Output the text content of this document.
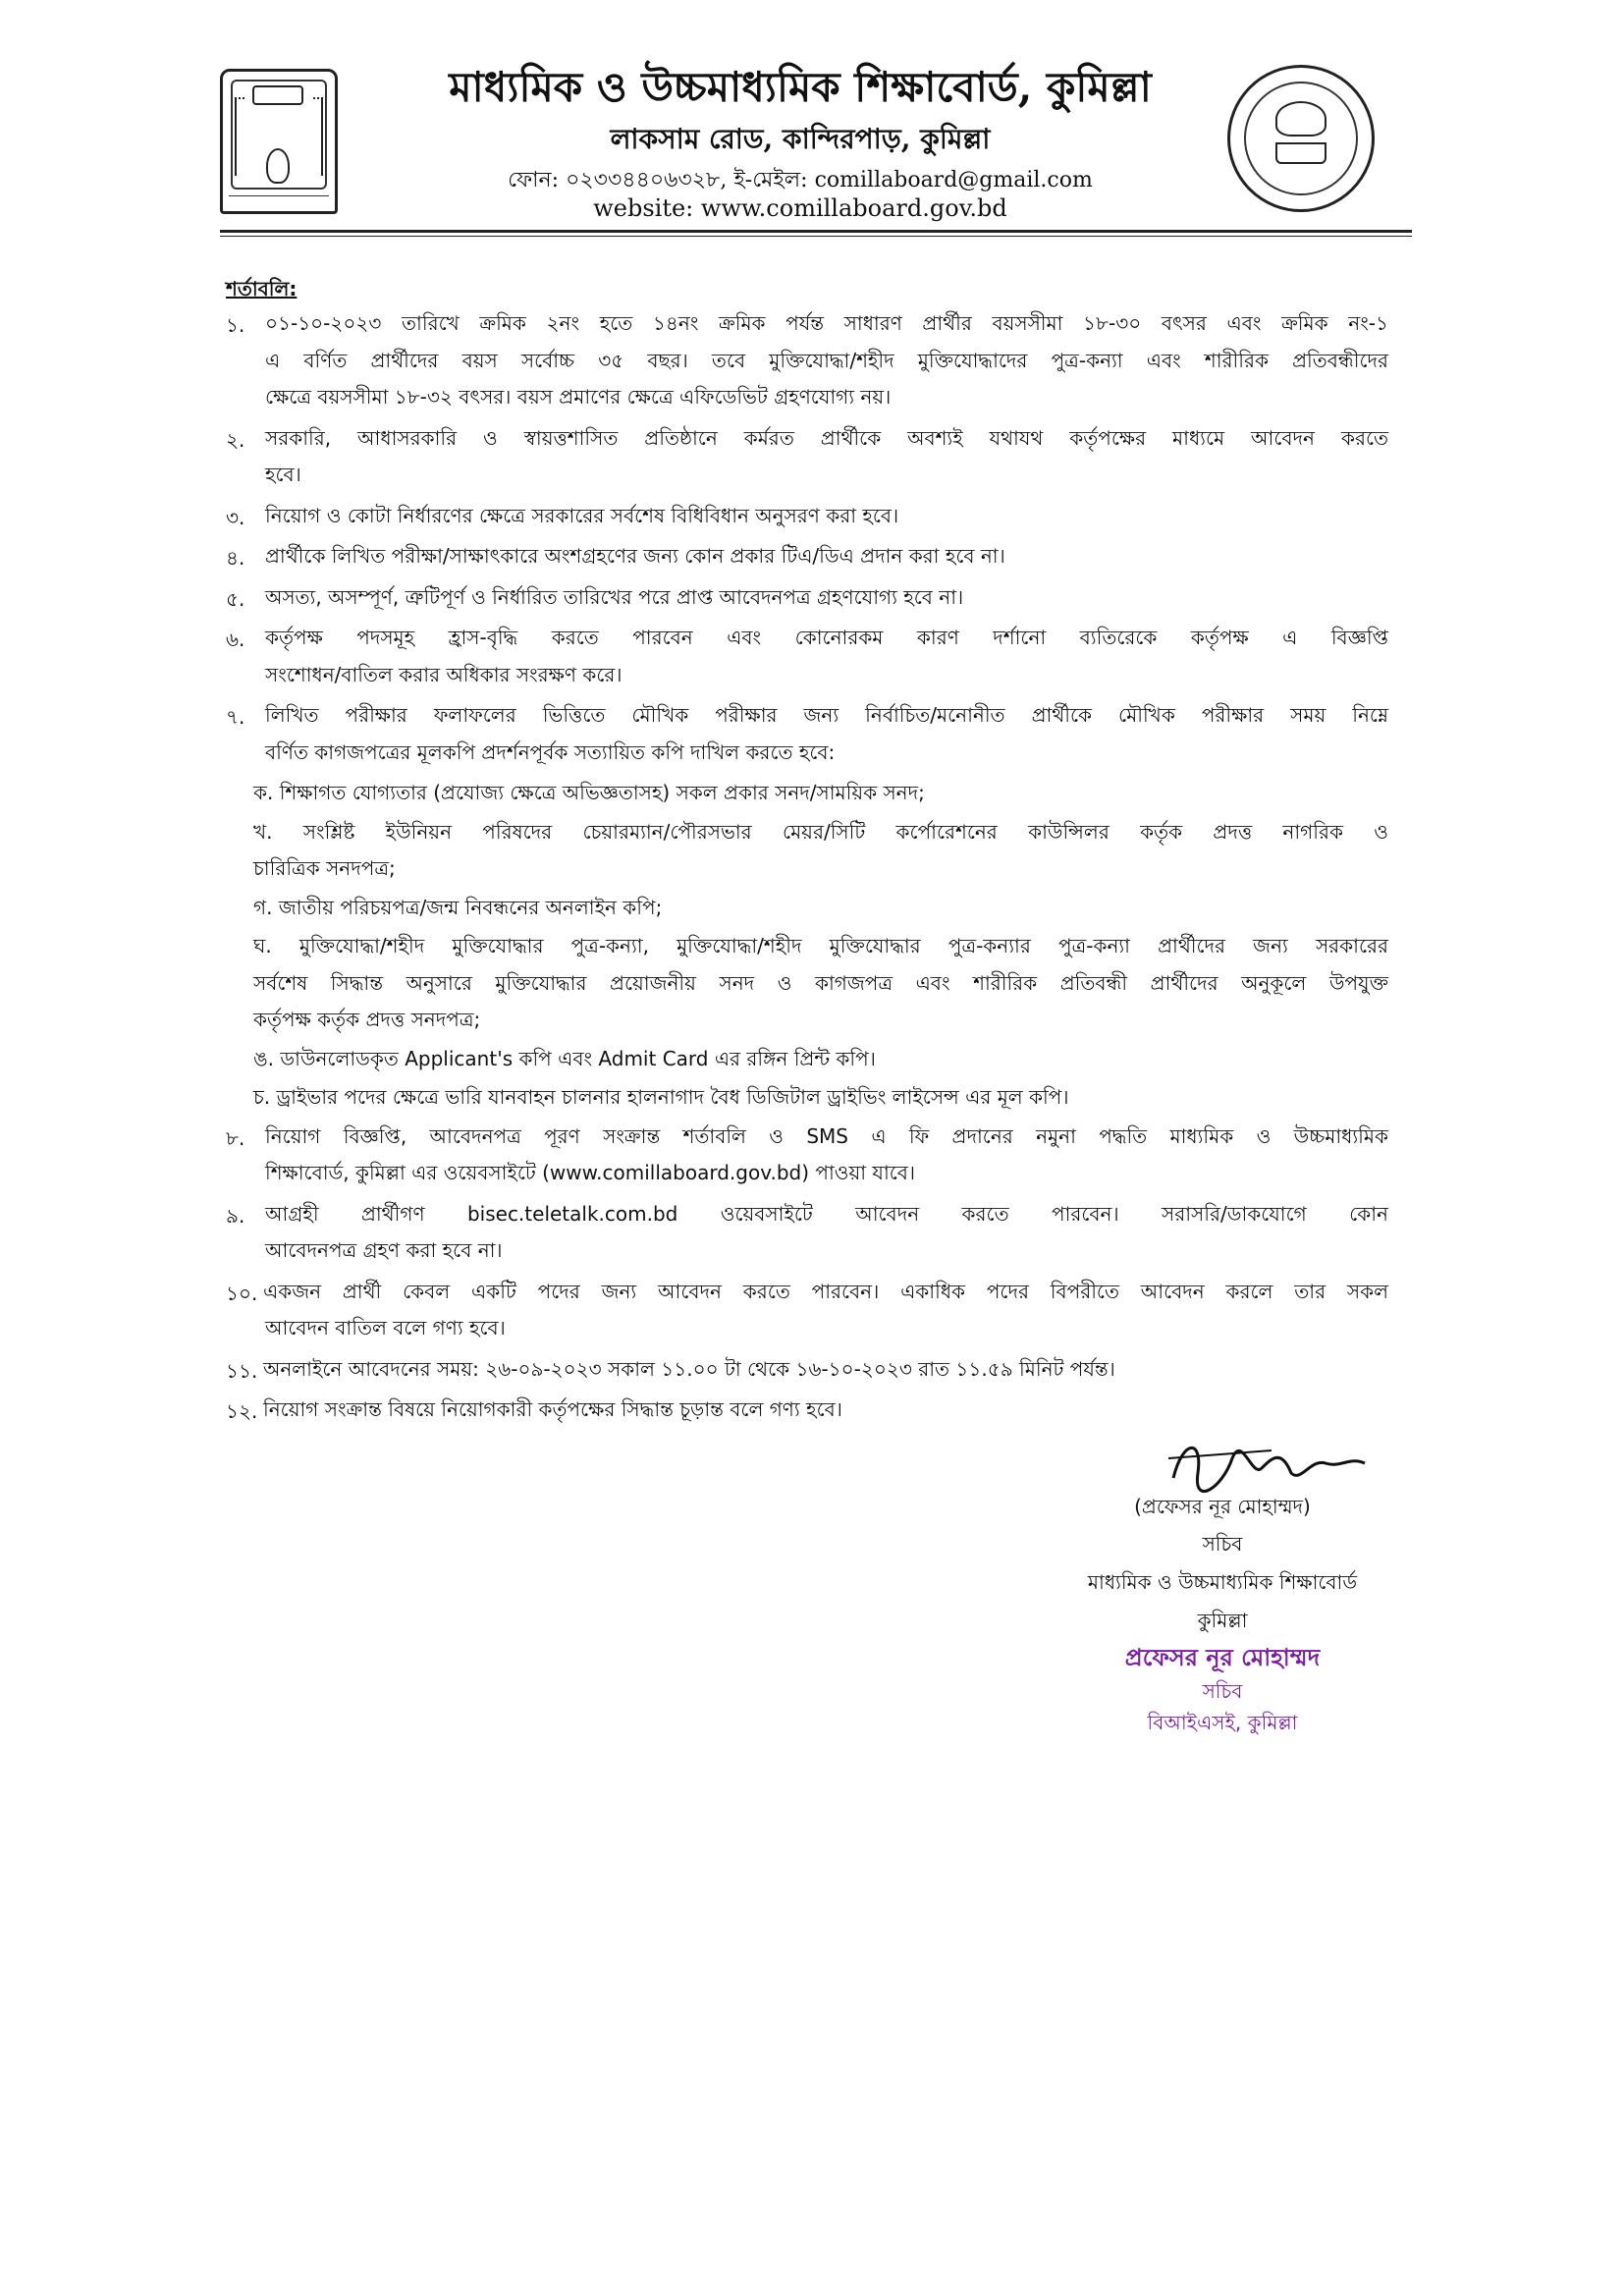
মাধ্যমিক ও উচ্চমাধ্যমিক শিক্ষাবোর্ড, কুমিল্লা
লাকসাম রোড, কান্দিরপাড়, কুমিল্লা
ফোন: ০২৩৩৪৪০৬৩২৮, ই-মেইল: comillaboard@gmail.com
website: www.comillaboard.gov.bd
শর্তাবলি:
১. ০১-১০-২০২৩ তারিখে ক্রমিক ২নং হতে ১৪নং ক্রমিক পর্যন্ত সাধারণ প্রার্থীর বয়সসীমা ১৮-৩০ বৎসর এবং ক্রমিক নং-১
এ বর্ণিত প্রার্থীদের বয়স সর্বোচ্চ ৩৫ বছর। তবে মুক্তিযোদ্ধা/শহীদ মুক্তিযোদ্ধাদের পুত্র-কন্যা এবং শারীরিক প্রতিবন্ধীদের
ক্ষেত্রে বয়সসীমা ১৮-৩২ বৎসর। বয়স প্রমাণের ক্ষেত্রে এফিডেভিট গ্রহণযোগ্য নয়।
২. সরকারি, আধাসরকারি ও স্বায়ত্তশাসিত প্রতিষ্ঠানে কর্মরত প্রার্থীকে অবশ্যই যথাযথ কর্তৃপক্ষের মাধ্যমে আবেদন করতে
হবে।
৩. নিয়োগ ও কোটা নির্ধারণের ক্ষেত্রে সরকারের সর্বশেষ বিধিবিধান অনুসরণ করা হবে।
৪. প্রার্থীকে লিখিত পরীক্ষা/সাক্ষাৎকারে অংশগ্রহণের জন্য কোন প্রকার টিএ/ডিএ প্রদান করা হবে না।
৫. অসত্য, অসম্পূর্ণ, ত্রুটিপূর্ণ ও নির্ধারিত তারিখের পরে প্রাপ্ত আবেদনপত্র গ্রহণযোগ্য হবে না।
৬. কর্তৃপক্ষ পদসমূহ হ্রাস-বৃদ্ধি করতে পারবেন এবং কোনোরকম কারণ দর্শানো ব্যতিরেকে কর্তৃপক্ষ এ বিজ্ঞপ্তি
সংশোধন/বাতিল করার অধিকার সংরক্ষণ করে।
৭. লিখিত পরীক্ষার ফলাফলের ভিত্তিতে মৌখিক পরীক্ষার জন্য নির্বাচিত/মনোনীত প্রার্থীকে মৌখিক পরীক্ষার সময় নিম্নে
বর্ণিত কাগজপত্রের মূলকপি প্রদর্শনপূর্বক সত্যায়িত কপি দাখিল করতে হবে:
ক. শিক্ষাগত যোগ্যতার (প্রযোজ্য ক্ষেত্রে অভিজ্ঞতাসহ) সকল প্রকার সনদ/সাময়িক সনদ;
খ. সংশ্লিষ্ট ইউনিয়ন পরিষদের চেয়ারম্যান/পৌরসভার মেয়র/সিটি কর্পোরেশনের কাউন্সিলর কর্তৃক প্রদত্ত নাগরিক ও
চারিত্রিক সনদপত্র;
গ. জাতীয় পরিচয়পত্র/জন্ম নিবন্ধনের অনলাইন কপি;
ঘ. মুক্তিযোদ্ধা/শহীদ মুক্তিযোদ্ধার পুত্র-কন্যা, মুক্তিযোদ্ধা/শহীদ মুক্তিযোদ্ধার পুত্র-কন্যার পুত্র-কন্যা প্রার্থীদের জন্য সরকারের
সর্বশেষ সিদ্ধান্ত অনুসারে মুক্তিযোদ্ধার প্রয়োজনীয় সনদ ও কাগজপত্র এবং শারীরিক প্রতিবন্ধী প্রার্থীদের অনুকূলে উপযুক্ত
কর্তৃপক্ষ কর্তৃক প্রদত্ত সনদপত্র;
ঙ. ডাউনলোডকৃত Applicant's কপি এবং Admit Card এর রঙ্গিন প্রিন্ট কপি।
চ. ড্রাইভার পদের ক্ষেত্রে ভারি যানবাহন চালনার হালনাগাদ বৈধ ডিজিটাল ড্রাইভিং লাইসেন্স এর মূল কপি।
৮. নিয়োগ বিজ্ঞপ্তি, আবেদনপত্র পূরণ সংক্রান্ত শর্তাবলি ও SMS এ ফি প্রদানের নমুনা পদ্ধতি মাধ্যমিক ও উচ্চমাধ্যমিক
শিক্ষাবোর্ড, কুমিল্লা এর ওয়েবসাইটে (www.comillaboard.gov.bd) পাওয়া যাবে।
৯. আগ্রহী প্রার্থীগণ bisec.teletalk.com.bd ওয়েবসাইটে আবেদন করতে পারবেন। সরাসরি/ডাকযোগে কোন
আবেদনপত্র গ্রহণ করা হবে না।
১০. একজন প্রার্থী কেবল একটি পদের জন্য আবেদন করতে পারবেন। একাধিক পদের বিপরীতে আবেদন করলে তার সকল
আবেদন বাতিল বলে গণ্য হবে।
১১. অনলাইনে আবেদনের সময়: ২৬-০৯-২০২৩ সকাল ১১.০০ টা থেকে ১৬-১০-২০২৩ রাত ১১.৫৯ মিনিট পর্যন্ত।
১২. নিয়োগ সংক্রান্ত বিষয়ে নিয়োগকারী কর্তৃপক্ষের সিদ্ধান্ত চূড়ান্ত বলে গণ্য হবে।
(প্রফেসর নূর মোহাম্মদ)
সচিব
মাধ্যমিক ও উচ্চমাধ্যমিক শিক্ষাবোর্ড
কুমিল্লা
প্রফেসর নূর মোহাম্মদ
সচিব
বিআইএসই, কুমিল্লা
